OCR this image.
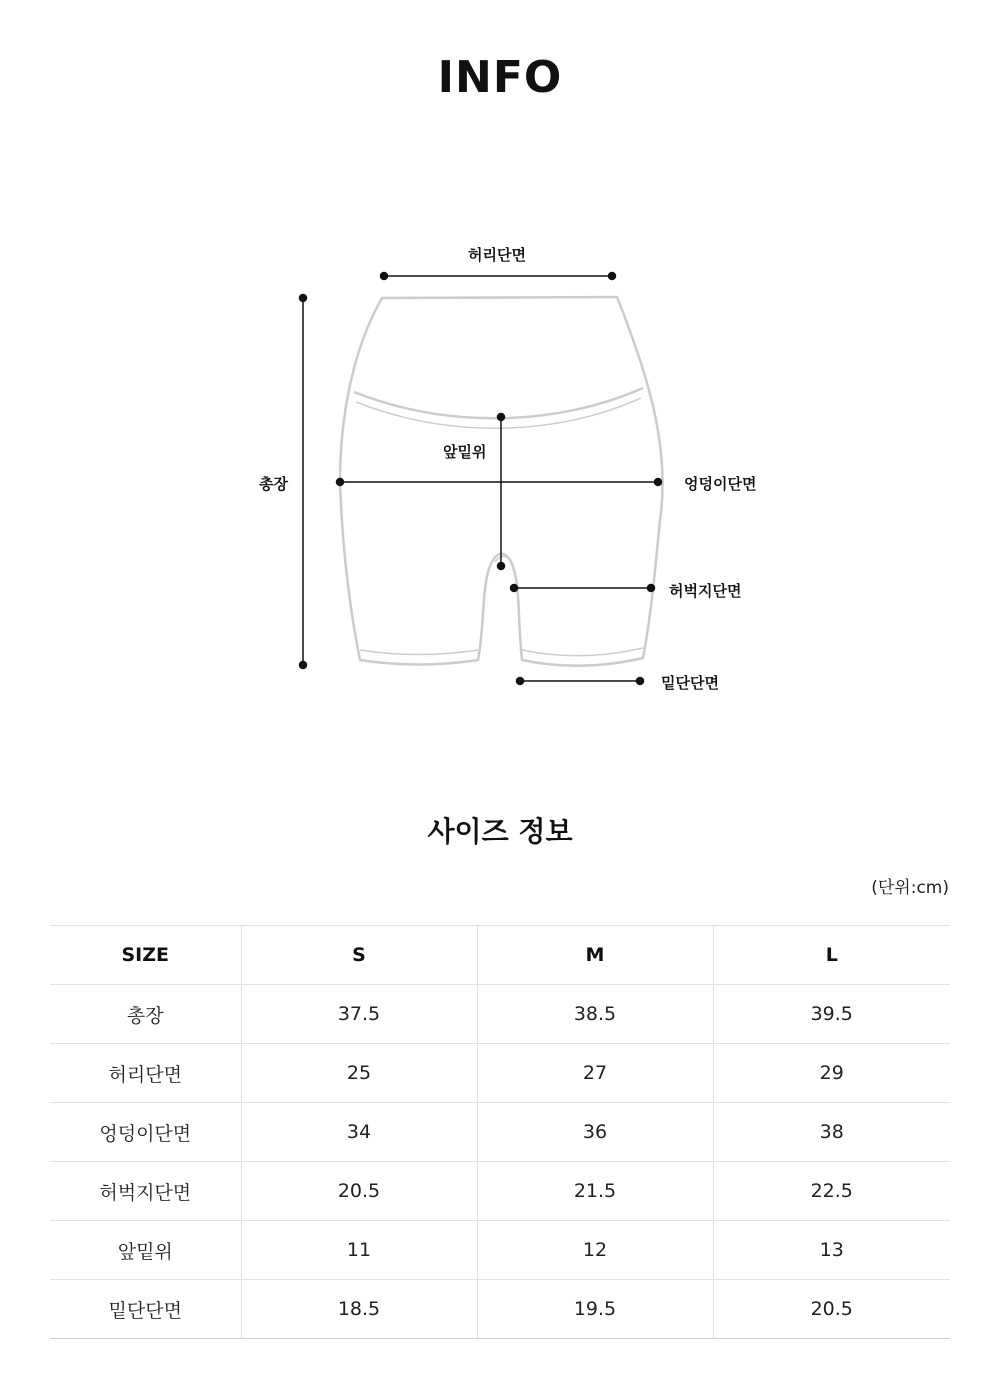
INFO
허리단면
총장
앞밑위
엉덩이단면
허벅지단면
밑단단면
사이즈 정보
(단위:cm)
SIZE	S	M	L
총장	37.5	38.5	39.5
허리단면	25	27	29
엉덩이단면	34	36	38
허벅지단면	20.5	21.5	22.5
앞밑위	11	12	13
밑단단면	18.5	19.5	20.5
